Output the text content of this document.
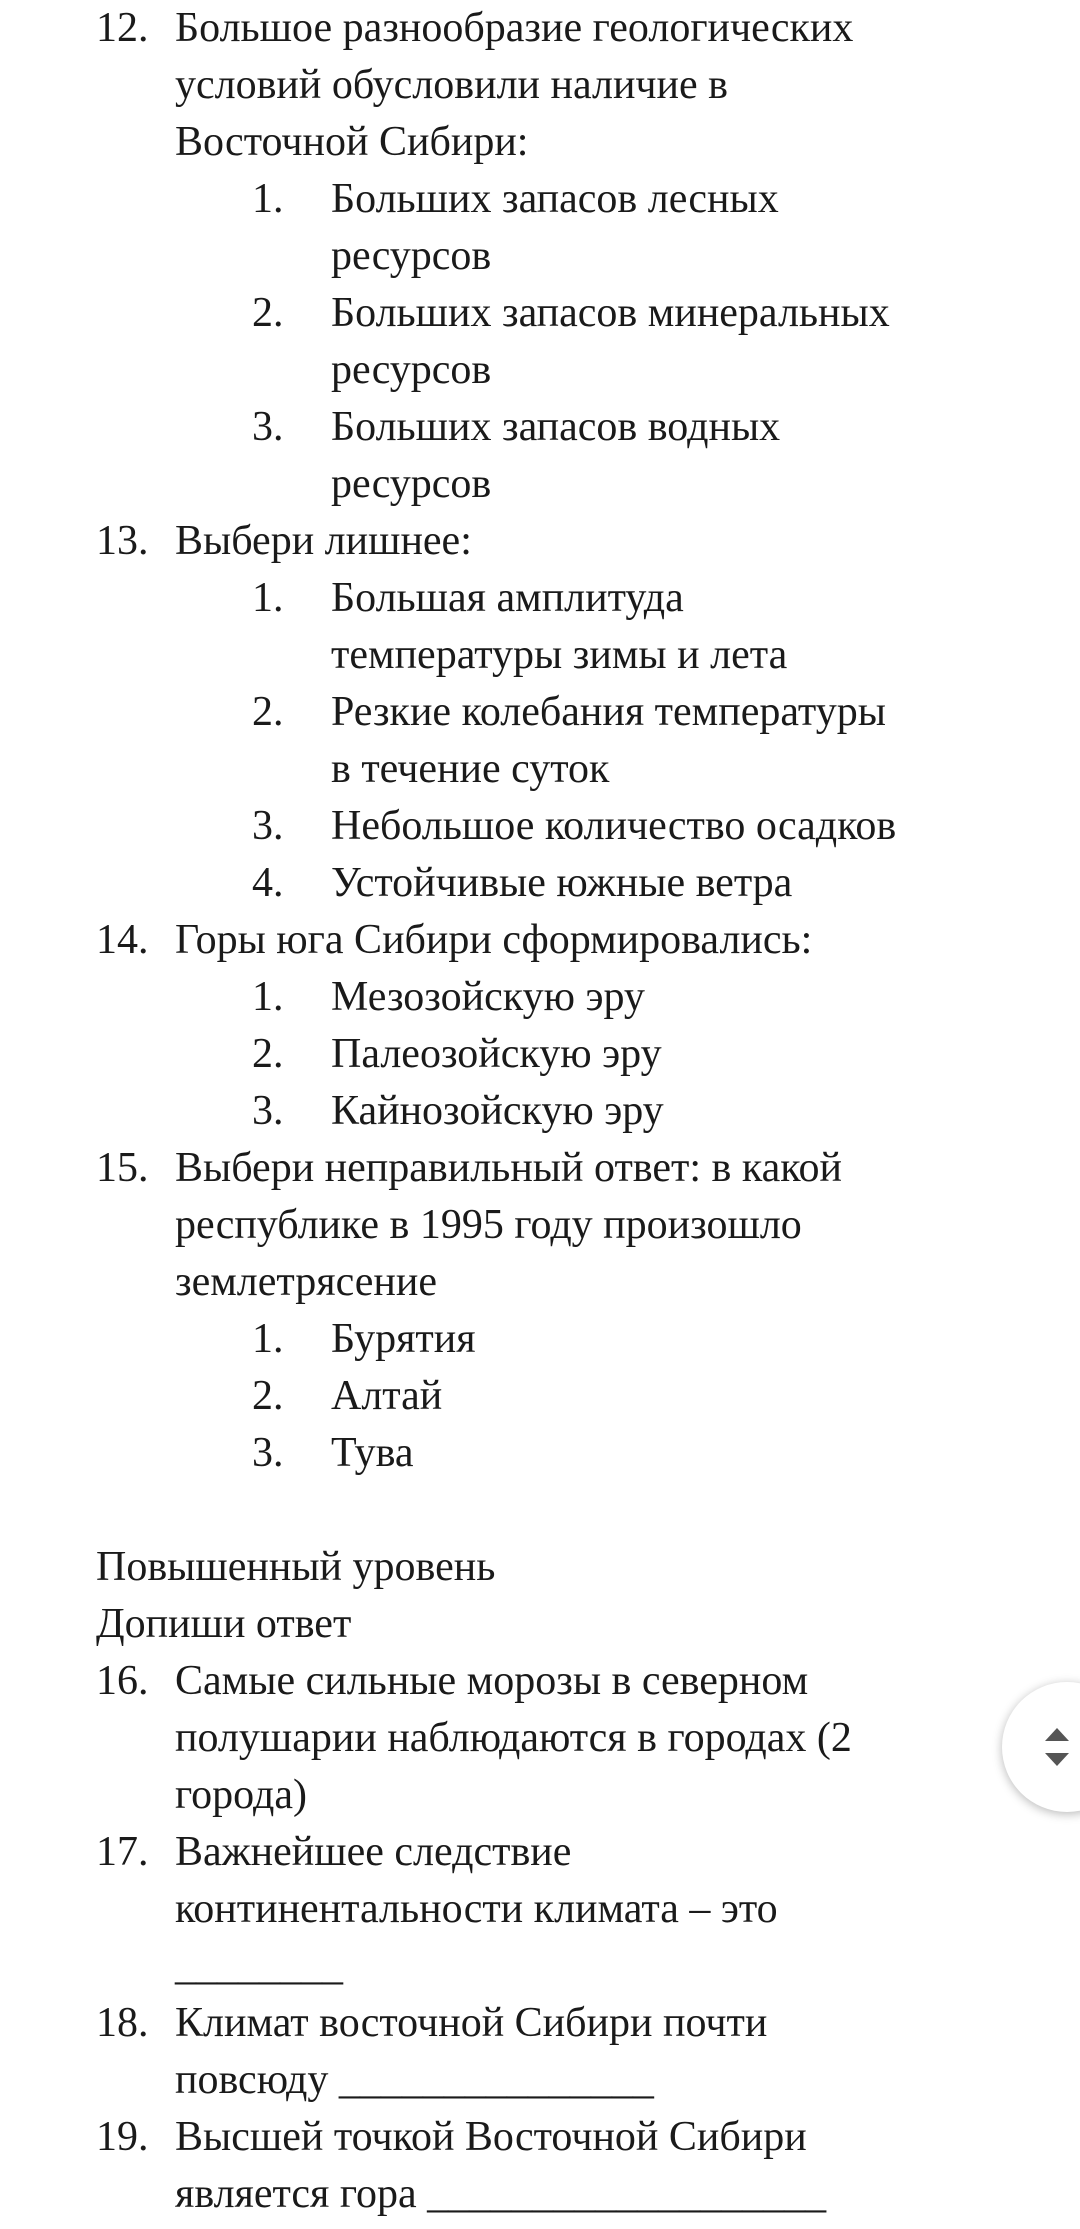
12. Большое разнообразие геологических
условий обусловили наличие в
Восточной Сибири:
1. Больших запасов лесных
ресурсов
2. Больших запасов минеральных
ресурсов
3. Больших запасов водных
ресурсов
13. Выбери лишнее:
1. Большая амплитуда
температуры зимы и лета
2. Резкие колебания температуры
в течение суток
3. Небольшое количество осадков
4. Устойчивые южные ветра
14. Горы юга Сибири сформировались:
1. Мезозойскую эру
2. Палеозойскую эру
3. Кайнозойскую эру
15. Выбери неправильный ответ: в какой
республике в 1995 году произошло
землетрясение
1. Бурятия
2. Алтай
3. Тува
Повышенный уровень
Допиши ответ
16. Самые сильные морозы в северном
полушарии наблюдаются в городах (2
города)
17. Важнейшее следствие
континентальности климата – это
________
18. Климат восточной Сибири почти
повсюду _______________
19. Высшей точкой Восточной Сибири
является гора ___________________
